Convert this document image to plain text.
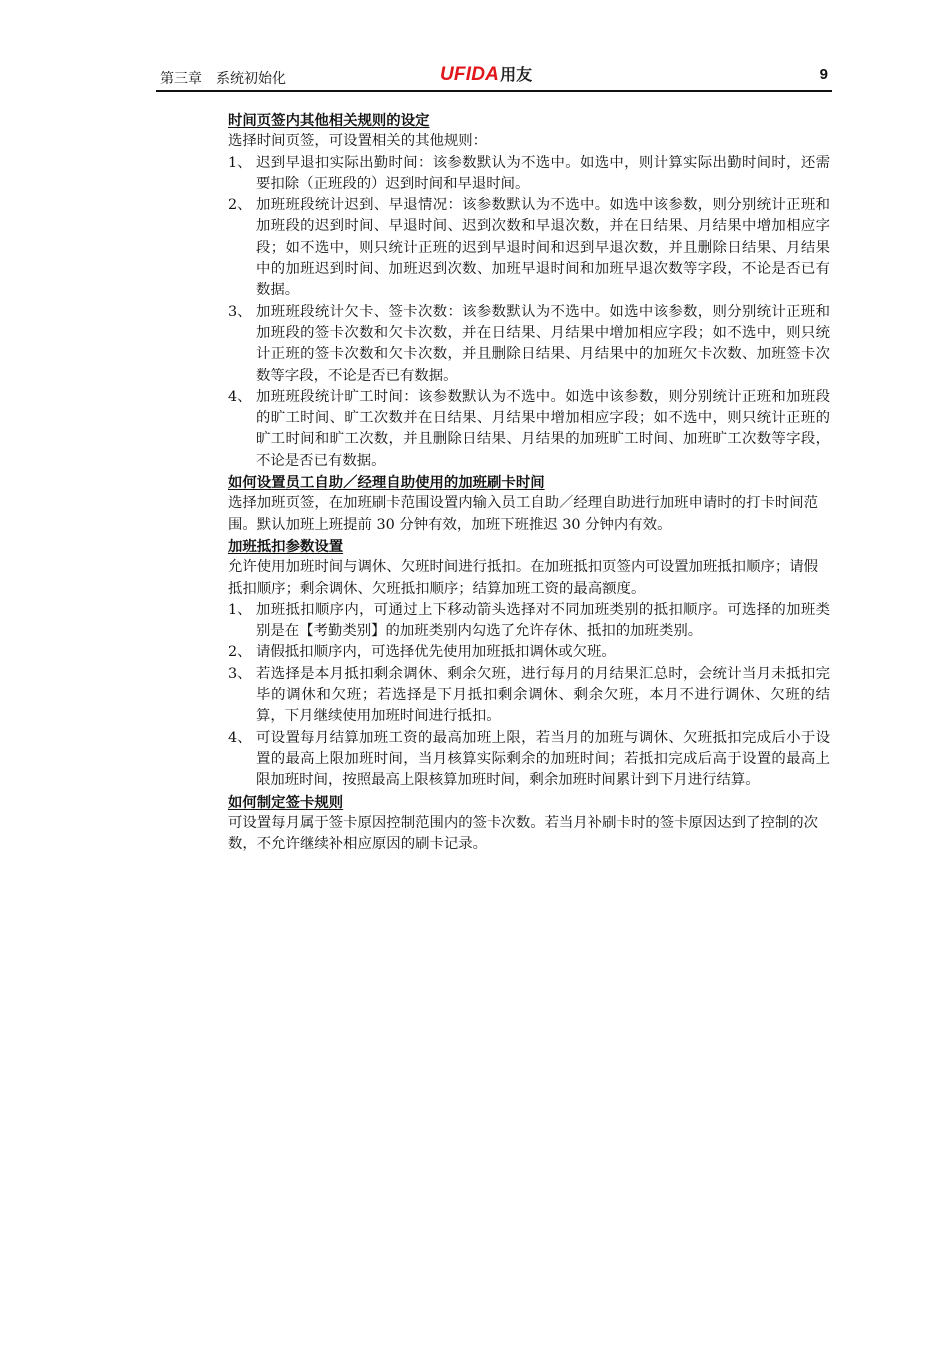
第三章　系统初始化	UFIDA用友	9

时间页签内其他相关规则的设定

选择时间页签，可设置相关的其他规则：

1、 迟到早退扣实际出勤时间：该参数默认为不选中。如选中，则计算实际出勤时间时，还需要扣除（正班段的）迟到时间和早退时间。
2、 加班班段统计迟到、早退情况：该参数默认为不选中。如选中该参数，则分别统计正班和加班段的迟到时间、早退时间、迟到次数和早退次数，并在日结果、月结果中增加相应字段；如不选中，则只统计正班的迟到早退时间和迟到早退次数，并且删除日结果、月结果中的加班迟到时间、加班迟到次数、加班早退时间和加班早退次数等字段，不论是否已有数据。
3、 加班班段统计欠卡、签卡次数：该参数默认为不选中。如选中该参数，则分别统计正班和加班段的签卡次数和欠卡次数，并在日结果、月结果中增加相应字段；如不选中，则只统计正班的签卡次数和欠卡次数，并且删除日结果、月结果中的加班欠卡次数、加班签卡次数等字段，不论是否已有数据。
4、 加班班段统计旷工时间：该参数默认为不选中。如选中该参数，则分别统计正班和加班段的旷工时间、旷工次数并在日结果、月结果中增加相应字段；如不选中，则只统计正班的旷工时间和旷工次数，并且删除日结果、月结果的加班旷工时间、加班旷工次数等字段，不论是否已有数据。

如何设置员工自助／经理自助使用的加班刷卡时间

选择加班页签，在加班刷卡范围设置内输入员工自助／经理自助进行加班申请时的打卡时间范围。默认加班上班提前 30 分钟有效，加班下班推迟 30 分钟内有效。

加班抵扣参数设置

允许使用加班时间与调休、欠班时间进行抵扣。在加班抵扣页签内可设置加班抵扣顺序；请假抵扣顺序；剩余调休、欠班抵扣顺序；结算加班工资的最高额度。

1、 加班抵扣顺序内，可通过上下移动箭头选择对不同加班类别的抵扣顺序。可选择的加班类别是在【考勤类别】的加班类别内勾选了允许存休、抵扣的加班类别。
2、 请假抵扣顺序内，可选择优先使用加班抵扣调休或欠班。
3、 若选择是本月抵扣剩余调休、剩余欠班，进行每月的月结果汇总时，会统计当月未抵扣完毕的调休和欠班；若选择是下月抵扣剩余调休、剩余欠班，本月不进行调休、欠班的结算，下月继续使用加班时间进行抵扣。
4、 可设置每月结算加班工资的最高加班上限，若当月的加班与调休、欠班抵扣完成后小于设置的最高上限加班时间，当月核算实际剩余的加班时间；若抵扣完成后高于设置的最高上限加班时间，按照最高上限核算加班时间，剩余加班时间累计到下月进行结算。

如何制定签卡规则

可设置每月属于签卡原因控制范围内的签卡次数。若当月补刷卡时的签卡原因达到了控制的次数，不允许继续补相应原因的刷卡记录。
